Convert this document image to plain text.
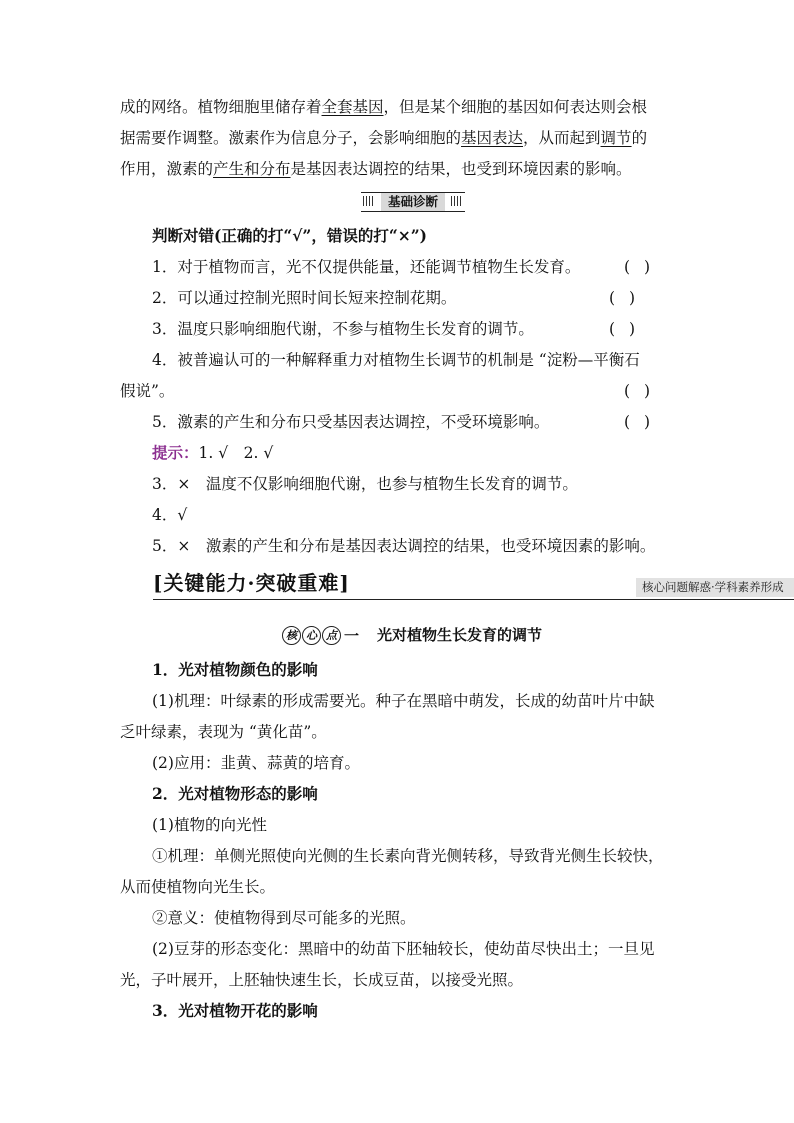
成的网络。植物细胞里储存着全套基因，但是某个细胞的基因如何表达则会根
据需要作调整。激素作为信息分子，会影响细胞的基因表达，从而起到调节的
作用，激素的产生和分布是基因表达调控的结果，也受到环境因素的影响。
基础诊断
判断对错(正确的打“√”，错误的打“×”)
1．对于植物而言，光不仅提供能量，还能调节植物生长发育。	()
2．可以通过控制光照时间长短来控制花期。	()
3．温度只影响细胞代谢，不参与植物生长发育的调节。	()
4．被普遍认可的一种解释重力对植物生长调节的机制是 “淀粉—平衡石
假说”。	()
5．激素的产生和分布只受基因表达调控，不受环境影响。	()
提示：1. √　2. √
3．×　温度不仅影响细胞代谢，也参与植物生长发育的调节。
4．√
5．×　激素的产生和分布是基因表达调控的结果，也受环境因素的影响。
[关键能力·突破重难]	核心问题解惑·学科素养形成
核 心 点 一 光对植物生长发育的调节
1．光对植物颜色的影响
(1)机理：叶绿素的形成需要光。种子在黑暗中萌发，长成的幼苗叶片中缺
乏叶绿素，表现为 “黄化苗”。
(2)应用：韭黄、蒜黄的培育。
2．光对植物形态的影响
(1)植物的向光性
①机理：单侧光照使向光侧的生长素向背光侧转移，导致背光侧生长较快，
从而使植物向光生长。
②意义：使植物得到尽可能多的光照。
(2)豆芽的形态变化：黑暗中的幼苗下胚轴较长，使幼苗尽快出土；一旦见
光，子叶展开，上胚轴快速生长，长成豆苗，以接受光照。
3．光对植物开花的影响
